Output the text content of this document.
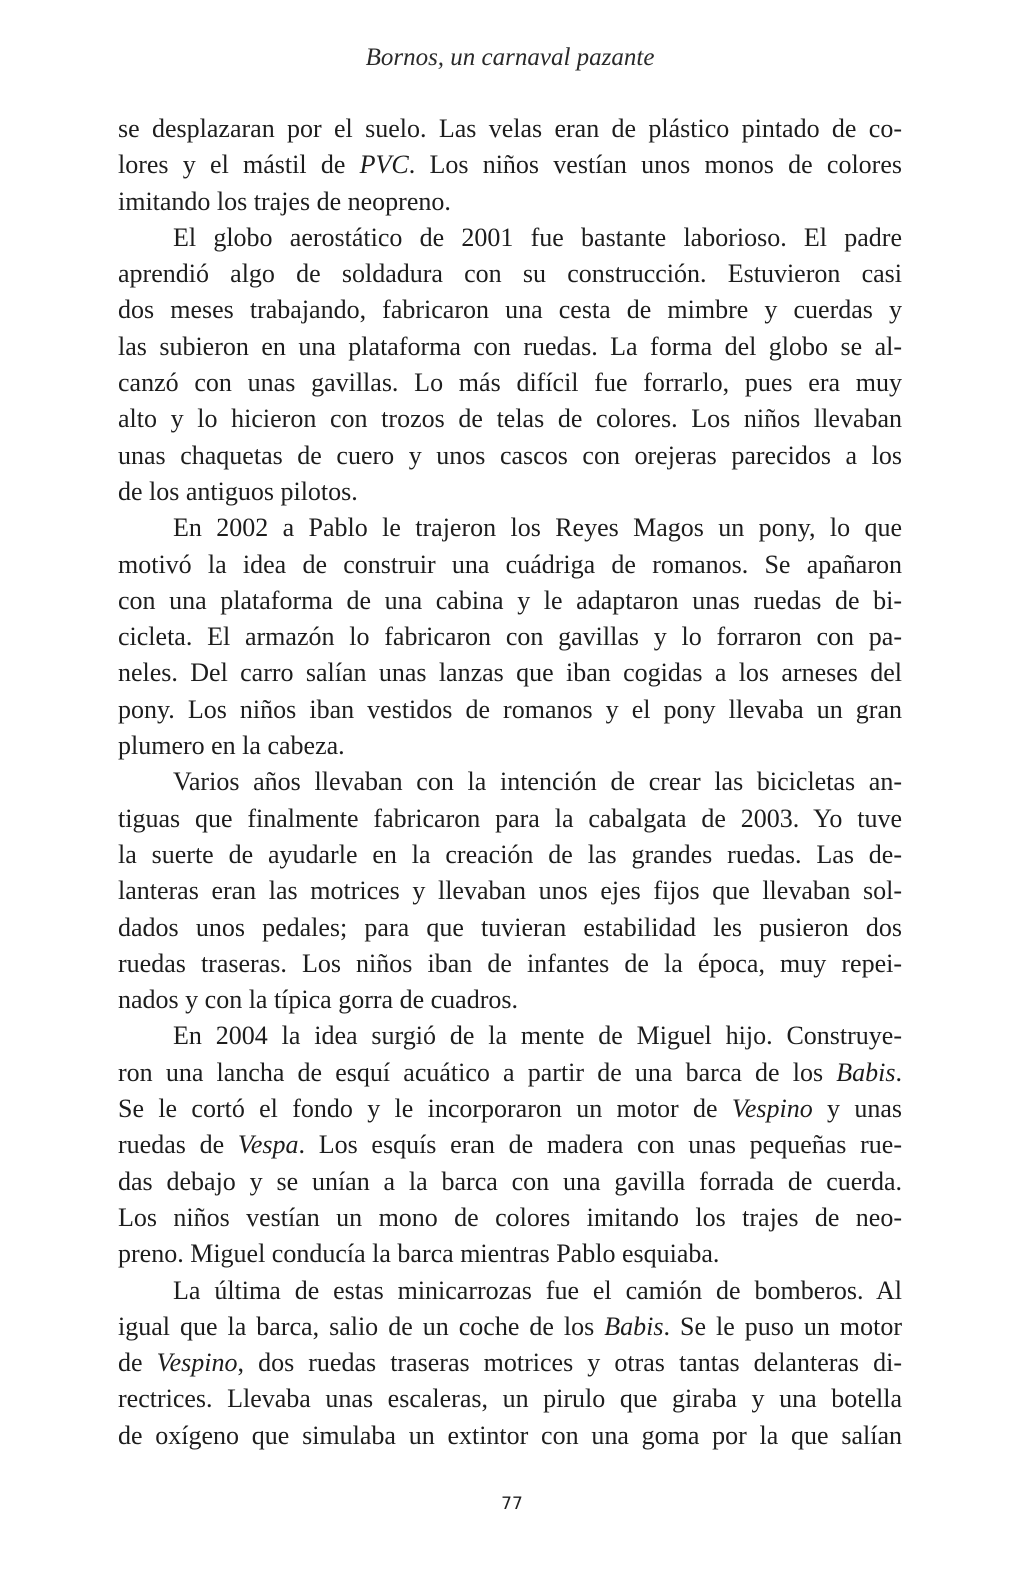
Bornos, un carnaval pazante
se desplazaran por el suelo. Las velas eran de plástico pintado de co-
lores y el mástil de PVC. Los niños vestían unos monos de colores
imitando los trajes de neopreno.
El globo aerostático de 2001 fue bastante laborioso. El padre
aprendió algo de soldadura con su construcción. Estuvieron casi
dos meses trabajando, fabricaron una cesta de mimbre y cuerdas y
las subieron en una plataforma con ruedas. La forma del globo se al-
canzó con unas gavillas. Lo más difícil fue forrarlo, pues era muy
alto y lo hicieron con trozos de telas de colores. Los niños llevaban
unas chaquetas de cuero y unos cascos con orejeras parecidos a los
de los antiguos pilotos.
En 2002 a Pablo le trajeron los Reyes Magos un pony, lo que
motivó la idea de construir una cuádriga de romanos. Se apañaron
con una plataforma de una cabina y le adaptaron unas ruedas de bi-
cicleta. El armazón lo fabricaron con gavillas y lo forraron con pa-
neles. Del carro salían unas lanzas que iban cogidas a los arneses del
pony. Los niños iban vestidos de romanos y el pony llevaba un gran
plumero en la cabeza.
Varios años llevaban con la intención de crear las bicicletas an-
tiguas que finalmente fabricaron para la cabalgata de 2003. Yo tuve
la suerte de ayudarle en la creación de las grandes ruedas. Las de-
lanteras eran las motrices y llevaban unos ejes fijos que llevaban sol-
dados unos pedales; para que tuvieran estabilidad les pusieron dos
ruedas traseras. Los niños iban de infantes de la época, muy repei-
nados y con la típica gorra de cuadros.
En 2004 la idea surgió de la mente de Miguel hijo. Construye-
ron una lancha de esquí acuático a partir de una barca de los Babis.
Se le cortó el fondo y le incorporaron un motor de Vespino y unas
ruedas de Vespa. Los esquís eran de madera con unas pequeñas rue-
das debajo y se unían a la barca con una gavilla forrada de cuerda.
Los niños vestían un mono de colores imitando los trajes de neo-
preno. Miguel conducía la barca mientras Pablo esquiaba.
La última de estas minicarrozas fue el camión de bomberos. Al
igual que la barca, salio de un coche de los Babis. Se le puso un motor
de Vespino, dos ruedas traseras motrices y otras tantas delanteras di-
rectrices. Llevaba unas escaleras, un pirulo que giraba y una botella
de oxígeno que simulaba un extintor con una goma por la que salían
77
